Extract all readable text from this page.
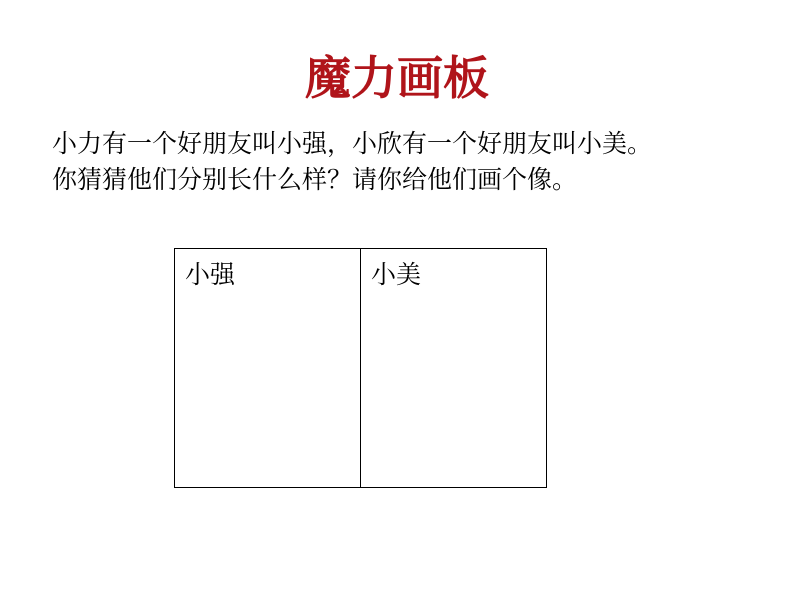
魔力画板
小力有一个好朋友叫小强，小欣有一个好朋友叫小美。
你猜猜他们分别长什么样？请你给他们画个像。
小强	小美
